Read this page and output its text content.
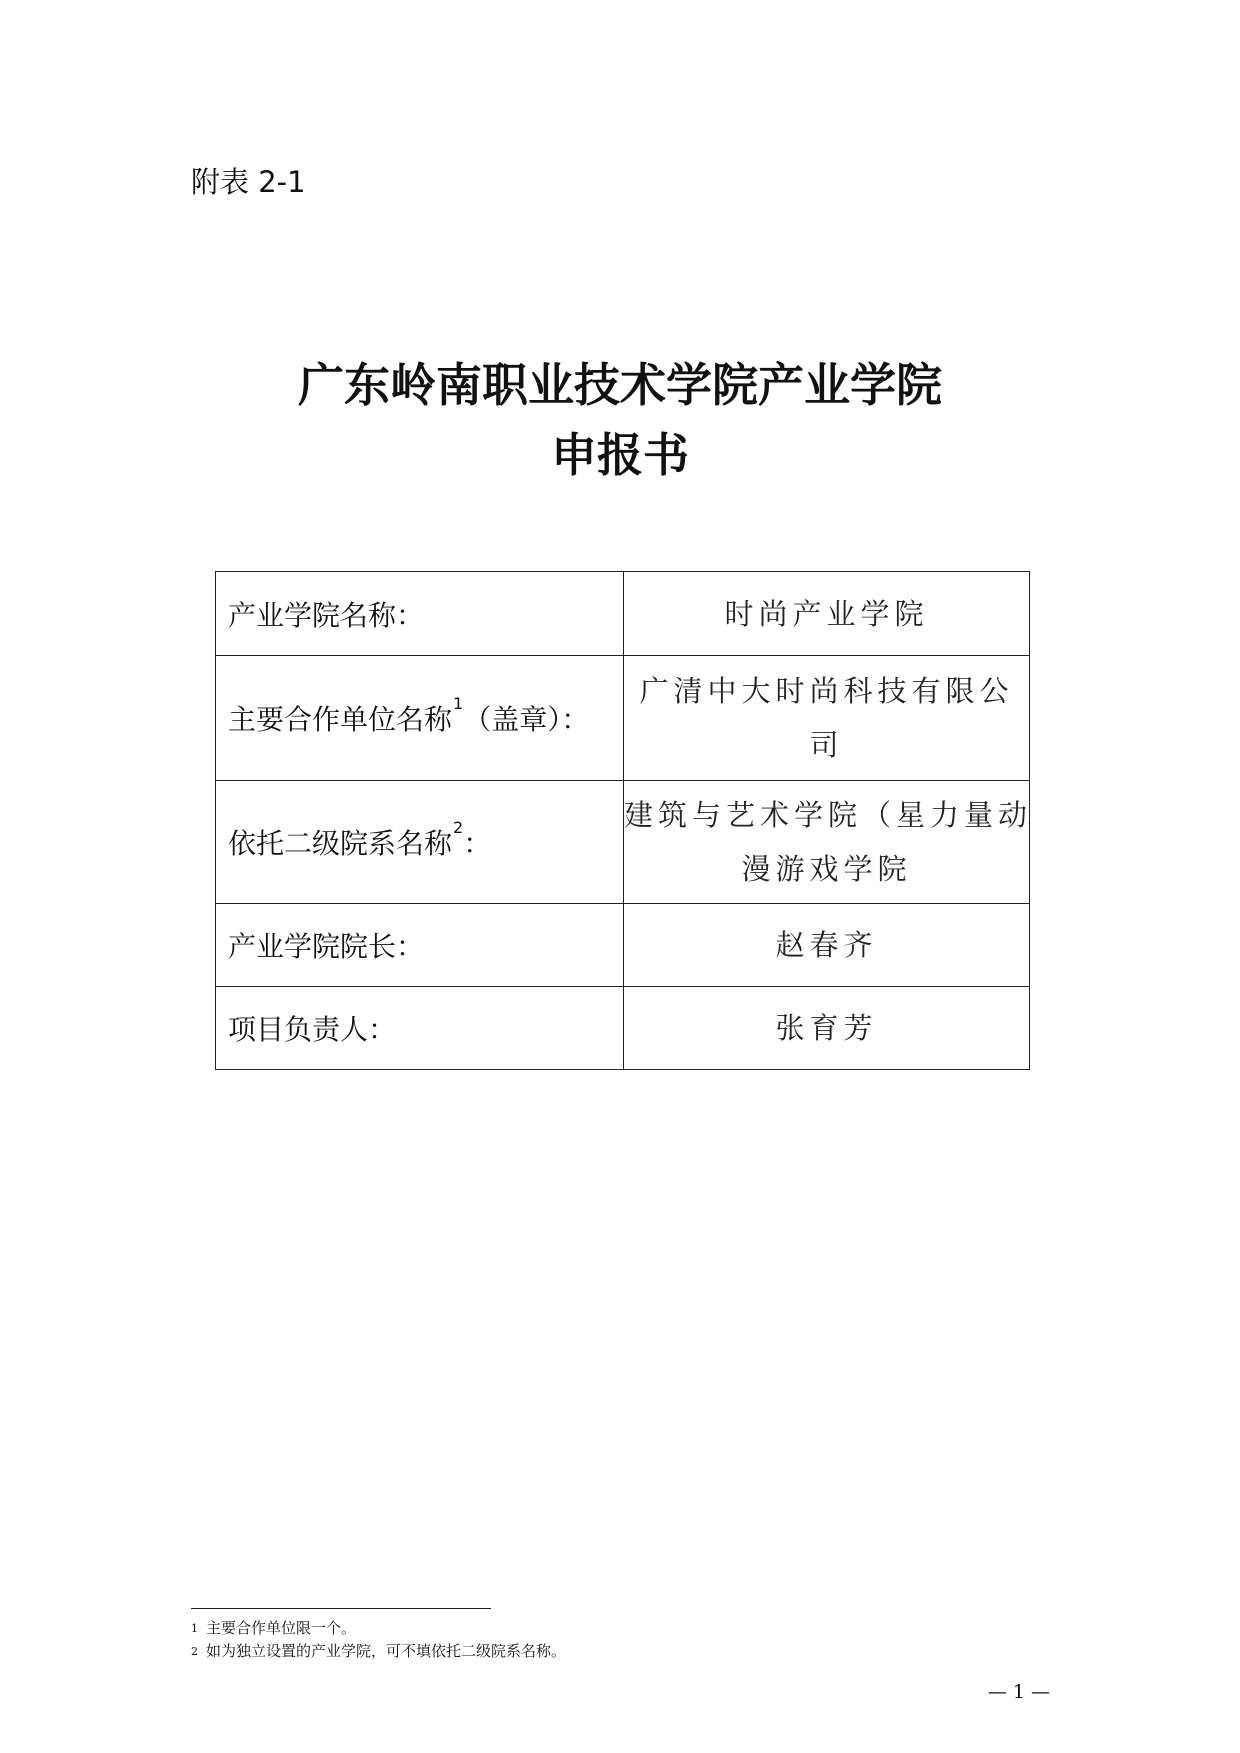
附表 2-1
广东岭南职业技术学院产业学院
申报书
产业学院名称：	时尚产业学院

主要合作单位名称$^1$（盖章）：	广清中大时尚科技有限公
司

依托二级院系名称$^2$：	建筑与艺术学院（星力量动
漫游戏学院

产业学院院长：	赵春齐

项目负责人：	张育芳
$^1$ 主要合作单位限一个。
$^2$ 如为独立设置的产业学院，可不填依托二级院系名称。
— 1 —
